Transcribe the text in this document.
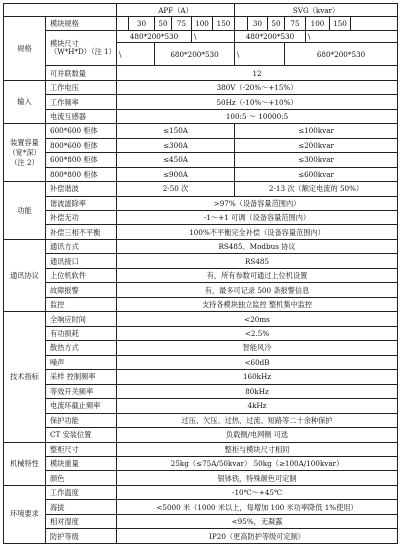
		APF（A）						SVG（kvar）						
规格	模块规格		30	50	75	100	150		30	50	75	100	150	
	模块尺寸（W*H*D）（注 1）	480*200*530				\		480*200*530				\		
		\		680*200*530				\			680*200*530			
	可并联数量	12												
输入	工作电压	380V（-20%～+15%）												
	工作频率	50Hz（-10%～+10%）												
	电流互感器	100:5 ～ 10000:5												
装置容量（宽*深）（注 2）	600*600 柜体	≤150A						≤100kvar						
	800*600 柜体	≤300A						≤200kvar						
	600*800 柜体	≤450A						≤300kvar						
	800*800 柜体	≤900A						≤600kvar						
功能	补偿谐波	2-50 次						2-13 次（额定电流的 50%）						
	谐波滤除率	>97%（设备容量范围内）												
	补偿无功	-1～+1 可调（设备容量范围内）												
	补偿三相不平衡	100%不平衡完全补偿（设备容量范围内）												
通讯协议	通讯方式	RS485、Modbus 协议												
	通讯接口	RS485												
	上位机软件	有，所有参数可通过上位机设置												
	故障报警	有，最多可记录 500 条报警信息												
	监控	支持各模块独立监控 整机集中监控												
技术指标	全响应时间	<20ms												
	有功损耗	<2.5%												
	散热方式	智能风冷												
	噪声	<60dB												
	采样 控制频率	160kHz												
	等效开关频率	80kHz												
	电流环截止频率	4kHz												
	保护功能	过压、欠压、过热、过流、短路等二十余种保护												
	CT 安装位置	负载侧/电网侧 可选												
机械特性	整柜尺寸	整柜与模块尺寸相同												
	模块重量	25kg（≤75A/50kvar） 50kg（≥100A/100kvar）												
	颜色	银钵铁，特殊颜色可定制												
环境要求	工作温度	-10℃～+45℃												
	海拔	<5000 米（1000 米以上，每增加 100 米功率降低 1%使用）												
	相对湿度	<95%，无凝露												
	防护等级	IP20（更高防护等级可定制）												
